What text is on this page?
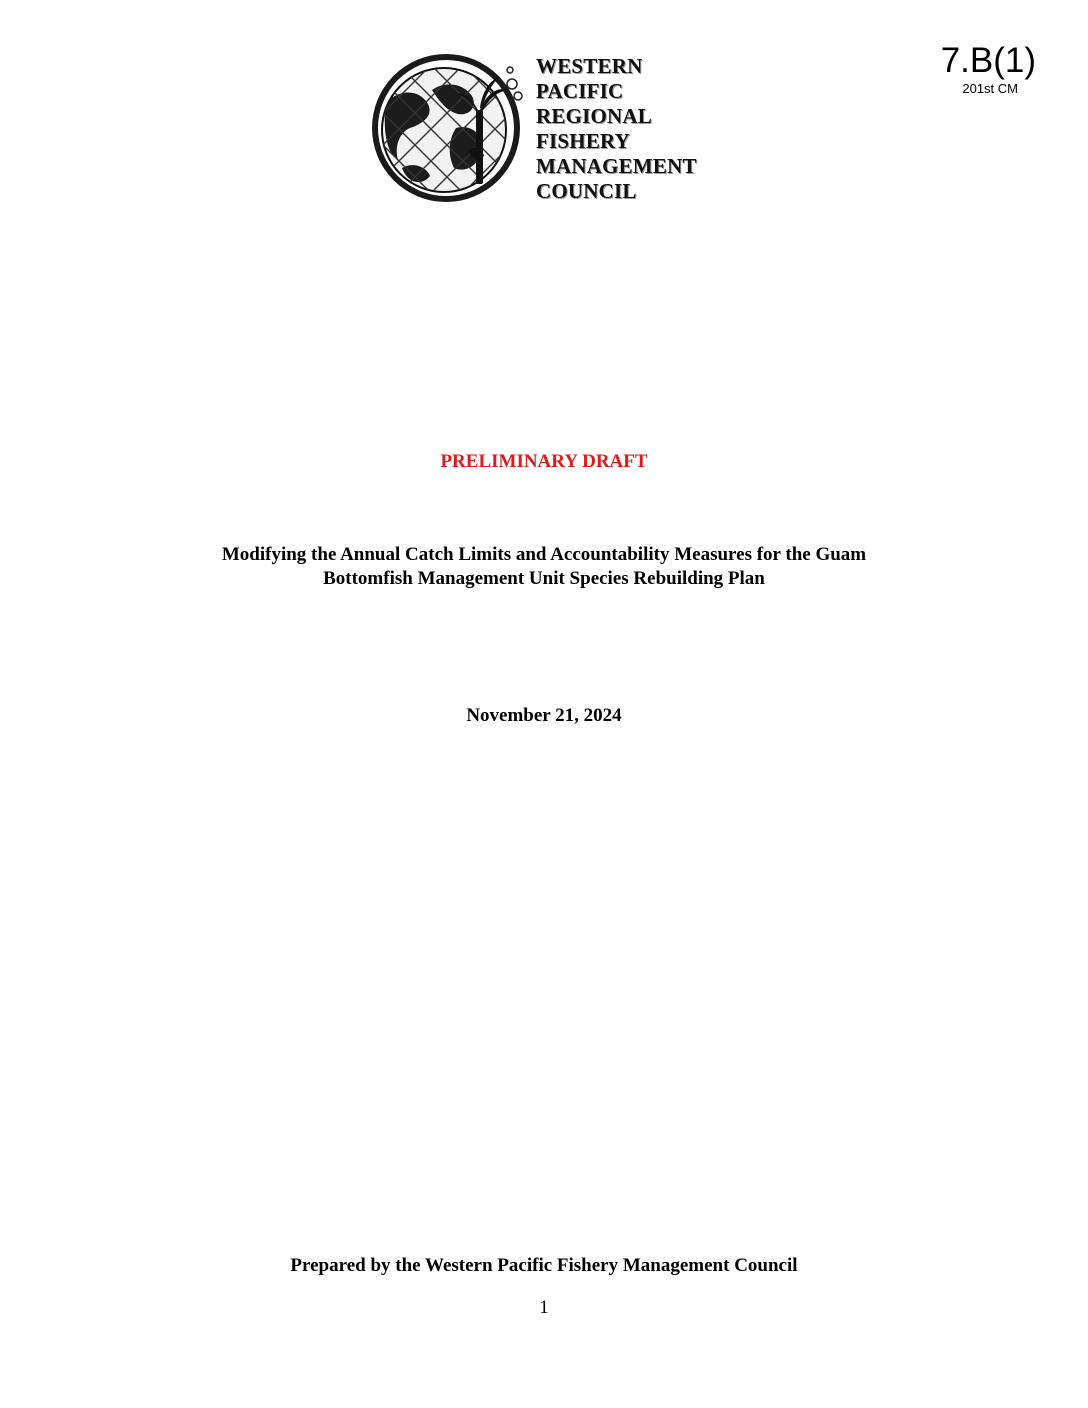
7.B(1)
201st CM
WESTERN
PACIFIC
REGIONAL
FISHERY
MANAGEMENT
COUNCIL
PRELIMINARY DRAFT
Modifying the Annual Catch Limits and Accountability Measures for the Guam
Bottomfish Management Unit Species Rebuilding Plan
November 21, 2024
Prepared by the Western Pacific Fishery Management Council
1
